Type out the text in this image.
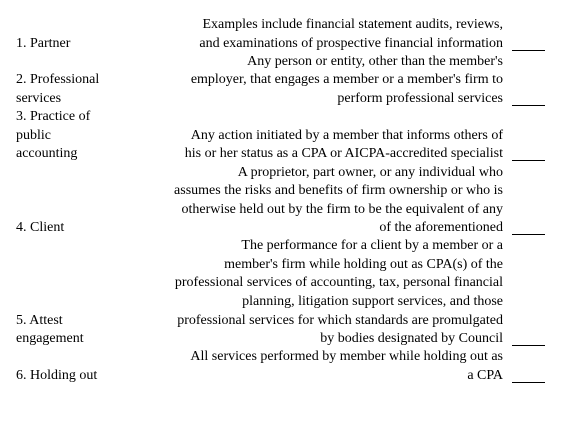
1. Partner
2. Professional
services
3. Practice of
public
accounting
4. Client
5. Attest
engagement
6. Holding out
Examples include financial statement audits, reviews,
and examinations of prospective financial information
Any person or entity, other than the member's
employer, that engages a member or a member's firm to
perform professional services
Any action initiated by a member that informs others of
his or her status as a CPA or AICPA-accredited specialist
A proprietor, part owner, or any individual who
assumes the risks and benefits of firm ownership or who is
otherwise held out by the firm to be the equivalent of any
of the aforementioned
The performance for a client by a member or a
member's firm while holding out as CPA(s) of the
professional services of accounting, tax, personal financial
planning, litigation support services, and those
professional services for which standards are promulgated
by bodies designated by Council
All services performed by member while holding out as
a CPA
